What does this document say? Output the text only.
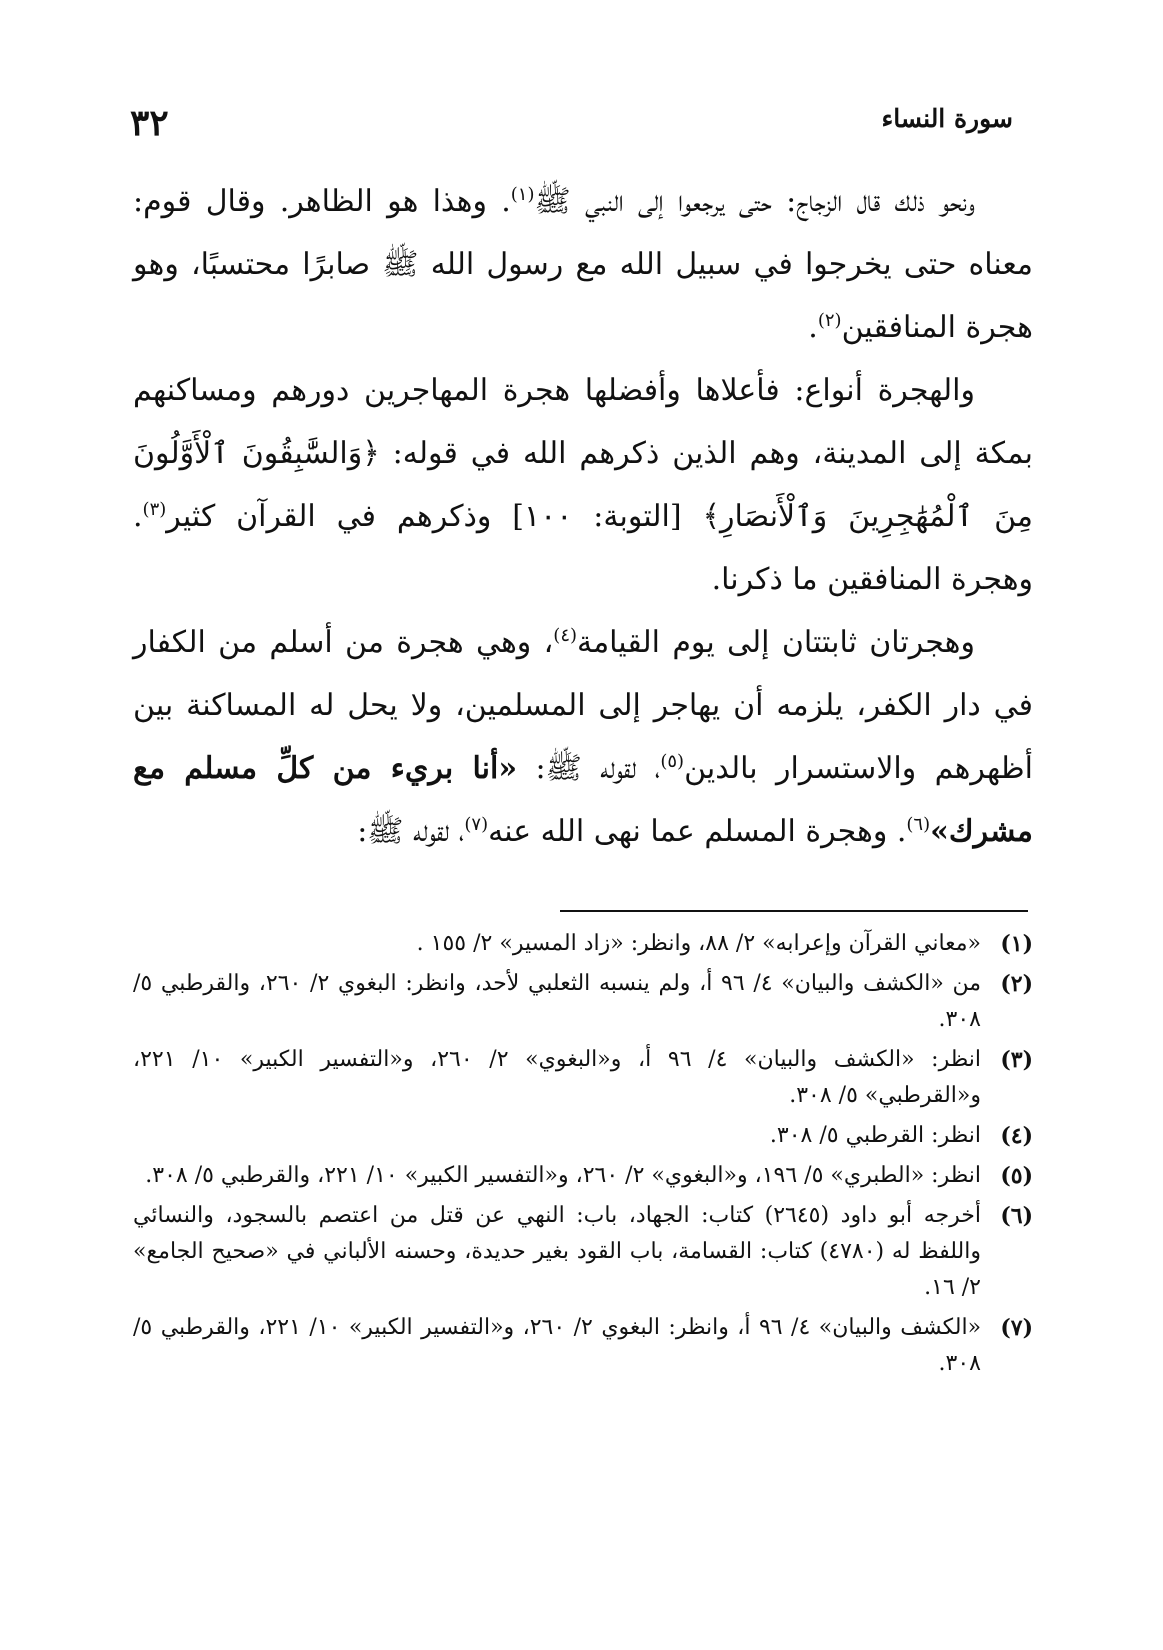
سورة النساء
٣٢

ونحو ذلك قال الزجاج: حتى يرجعوا إلى النبي ﷺ$^{(١)}$. وهذا هو الظاهر. وقال قوم: معناه حتى يخرجوا في سبيل الله مع رسول الله ﷺ صابرًا محتسبًا، وهو هجرة المنافقين$^{(٢)}$.

والهجرة أنواع: فأعلاها وأفضلها هجرة المهاجرين دورهم ومساكنهم بمكة إلى المدينة، وهم الذين ذكرهم الله في قوله: ﴿وَالسَّٰبِقُونَ ٱلْأَوَّلُونَ مِنَ ٱلْمُهَٰجِرِينَ وَٱلْأَنصَارِ﴾ [التوبة: ١٠٠] وذكرهم في القرآن كثير$^{(٣)}$. وهجرة المنافقين ما ذكرنا.

وهجرتان ثابتتان إلى يوم القيامة$^{(٤)}$، وهي هجرة من أسلم من الكفار في دار الكفر، يلزمه أن يهاجر إلى المسلمين، ولا يحل له المساكنة بين أظهرهم والاستسرار بالدين$^{(٥)}$، لقوله ﷺ: «أنا بريء من كلِّ مسلم مع مشرك»$^{(٦)}$. وهجرة المسلم عما نهى الله عنه$^{(٧)}$، لقوله ﷺ:

(١)
«معاني القرآن وإعرابه» ٢/ ٨٨، وانظر: «زاد المسير» ٢/ ١٥٥ .
(٢)
من «الكشف والبيان» ٤/ ٩٦ أ، ولم ينسبه الثعلبي لأحد، وانظر: البغوي ٢/ ٢٦٠، والقرطبي ٥/ ٣٠٨.
(٣)
انظر: «الكشف والبيان» ٤/ ٩٦ أ، و«البغوي» ٢/ ٢٦٠، و«التفسير الكبير» ١٠/ ٢٢١، و«القرطبي» ٥/ ٣٠٨.
(٤)
انظر: القرطبي ٥/ ٣٠٨.
(٥)
انظر: «الطبري» ٥/ ١٩٦، و«البغوي» ٢/ ٢٦٠، و«التفسير الكبير» ١٠/ ٢٢١، والقرطبي ٥/ ٣٠٨.
(٦)
أخرجه أبو داود (٢٦٤٥) كتاب: الجهاد، باب: النهي عن قتل من اعتصم بالسجود، والنسائي واللفظ له (٤٧٨٠) كتاب: القسامة، باب القود بغير حديدة، وحسنه الألباني في «صحيح الجامع» ٢/ ١٦.
(٧)
«الكشف والبيان» ٤/ ٩٦ أ، وانظر: البغوي ٢/ ٢٦٠، و«التفسير الكبير» ١٠/ ٢٢١، والقرطبي ٥/ ٣٠٨.
